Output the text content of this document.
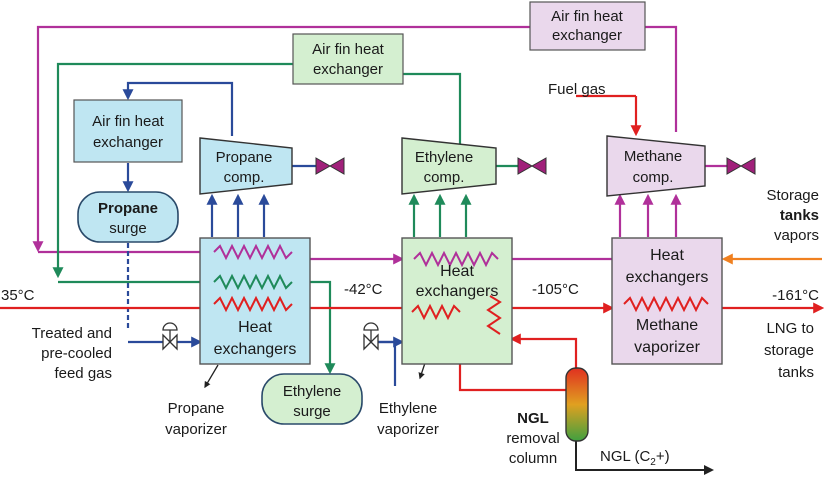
Air fin heat
exchanger
Air fin heat
exchanger
Air fin heat
exchanger
Propane
surge
Propane
comp.
Ethylene
comp.
Methane
comp.
Heat
exchangers
Heat
exchangers
Heat
exchangers
Methane
vaporizer
Ethylene
surge
Fuel gas
Storage
tanks
vapors
35°C	-42°C	-105°C	-161°C
Treated and
pre-cooled
feed gas
LNG to
storage
tanks
Propane
vaporizer
Ethylene
vaporizer
NGL
removal
column	NGL $(C_2+)$
